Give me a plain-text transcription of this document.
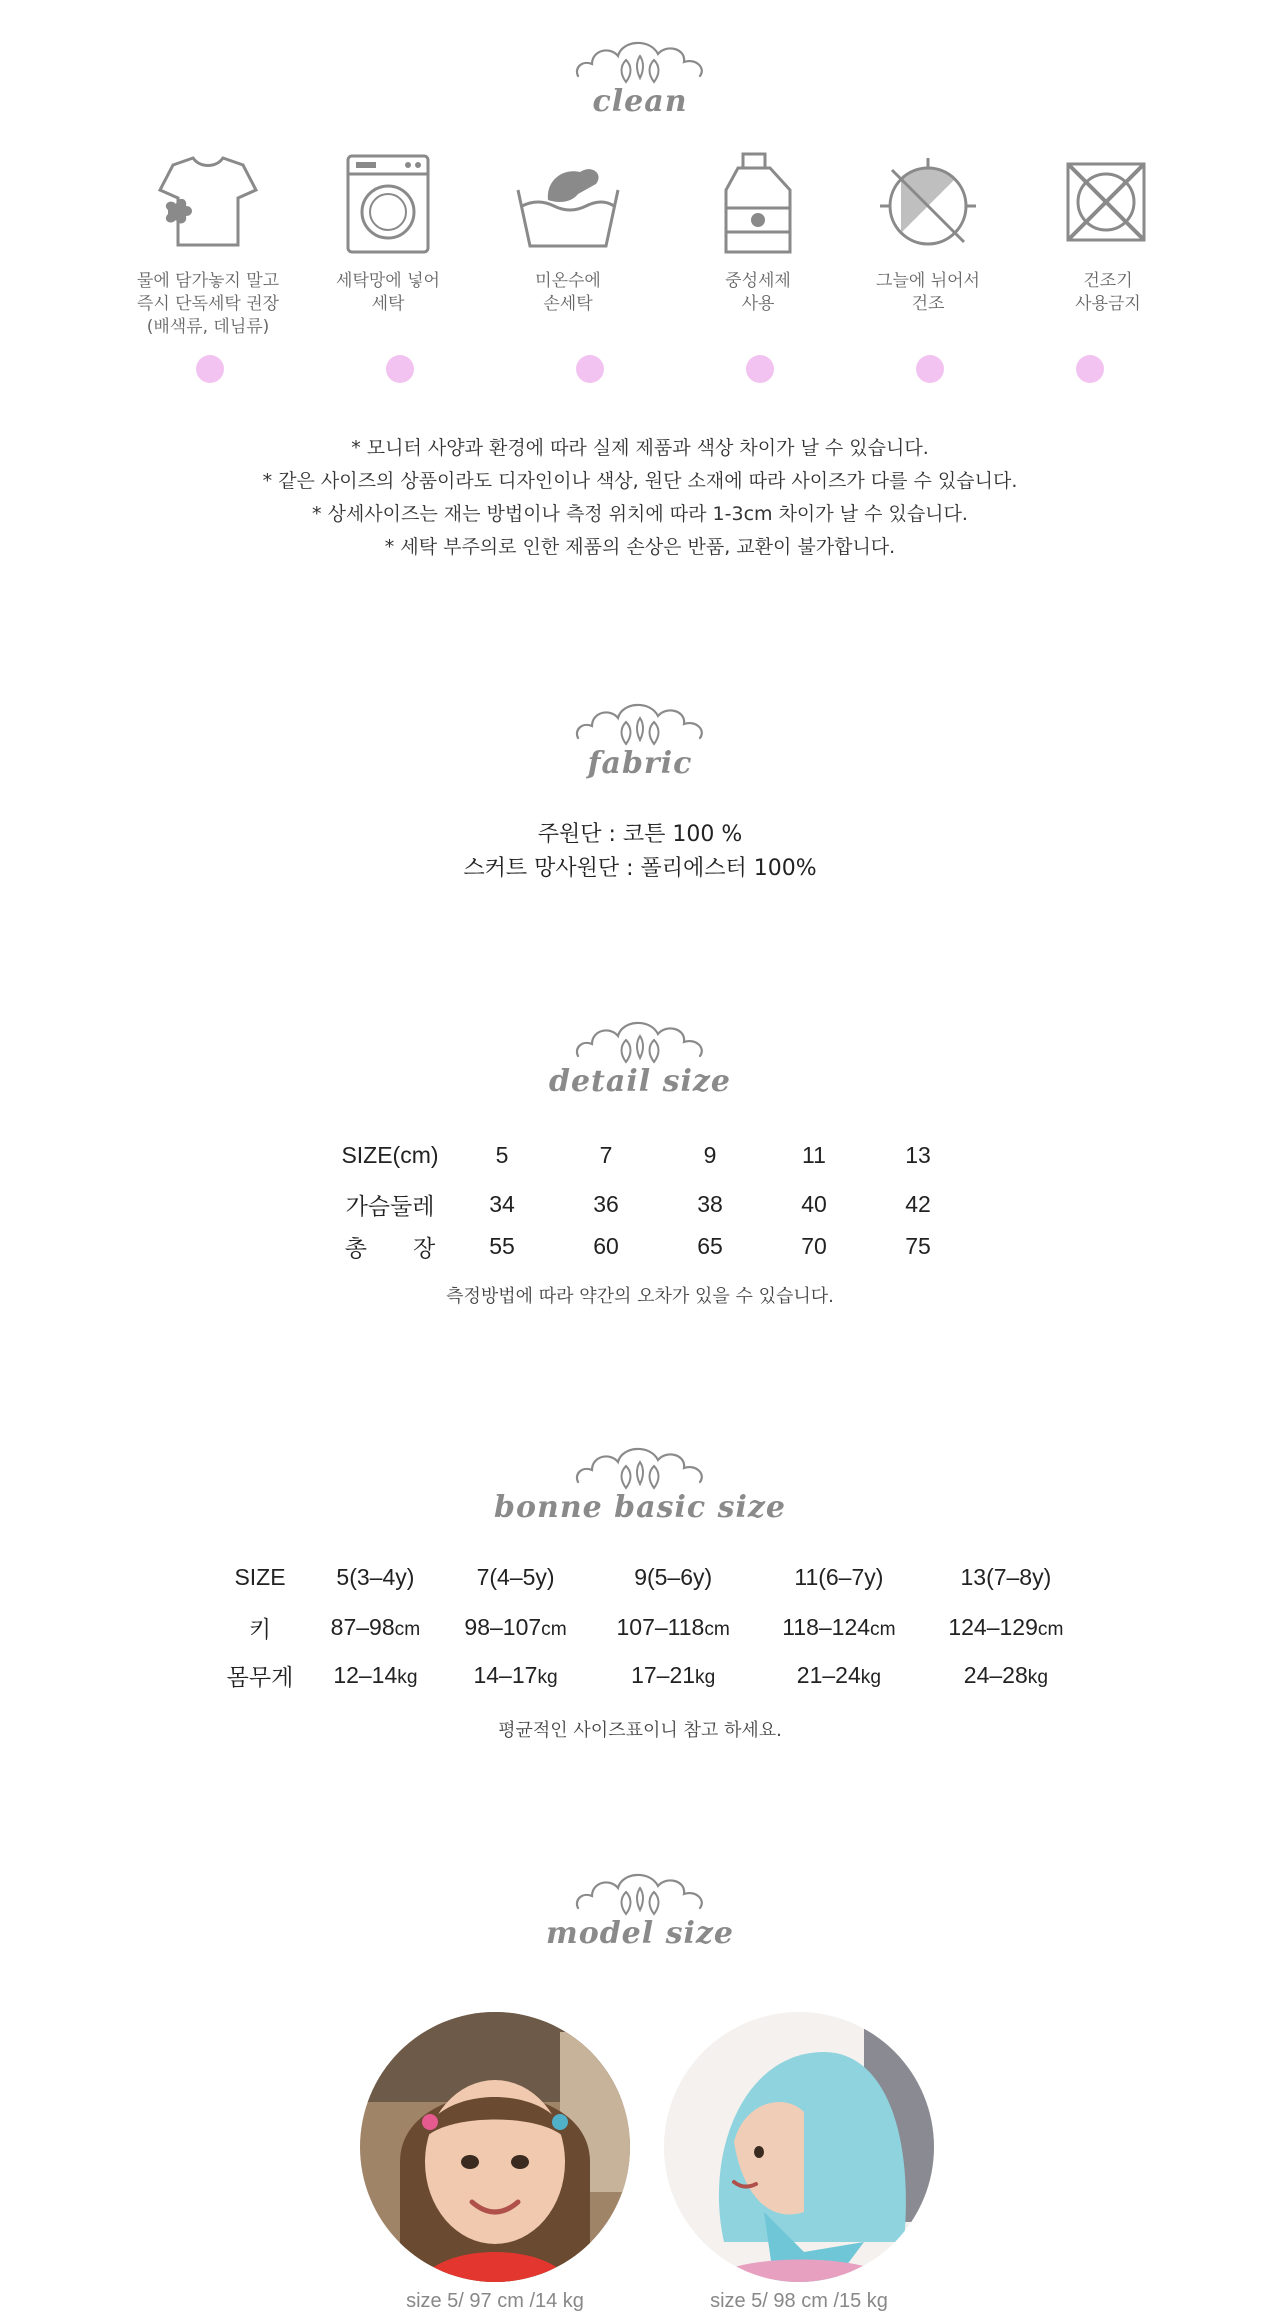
clean
물에 담가놓지 말고
즉시 단독세탁 권장
(배색류, 데님류)
세탁망에 넣어
세탁
미온수에
손세탁
중성세제
사용
그늘에 뉘어서
건조
건조기
사용금지
* 모니터 사양과 환경에 따라 실제 제품과 색상 차이가 날 수 있습니다.
* 같은 사이즈의 상품이라도 디자인이나 색상, 원단 소재에 따라 사이즈가 다를 수 있습니다.
* 상세사이즈는 재는 방법이나 측정 위치에 따라 1-3cm 차이가 날 수 있습니다.
* 세탁 부주의로 인한 제품의 손상은 반품, 교환이 불가합니다.
fabric
주원단 : 코튼 100 %
스커트 망사원단 : 폴리에스터 100%
detail size
SIZE(cm)	5	7	9	11	13
가슴둘레	34	36	38	40	42
총　　장	55	60	65	70	75
측정방법에 따라 약간의 오차가 있을 수 있습니다.
bonne basic size
SIZE	5(3–4y)	7(4–5y)	9(5–6y)	11(6–7y)	13(7–8y)
키	87–98cm	98–107cm	107–118cm	118–124cm	124–129cm
몸무게	12–14kg	14–17kg	17–21kg	21–24kg	24–28kg
평균적인 사이즈표이니 참고 하세요.
model size
size 5/ 97 cm /14 kg	size 5/ 98 cm /15 kg
